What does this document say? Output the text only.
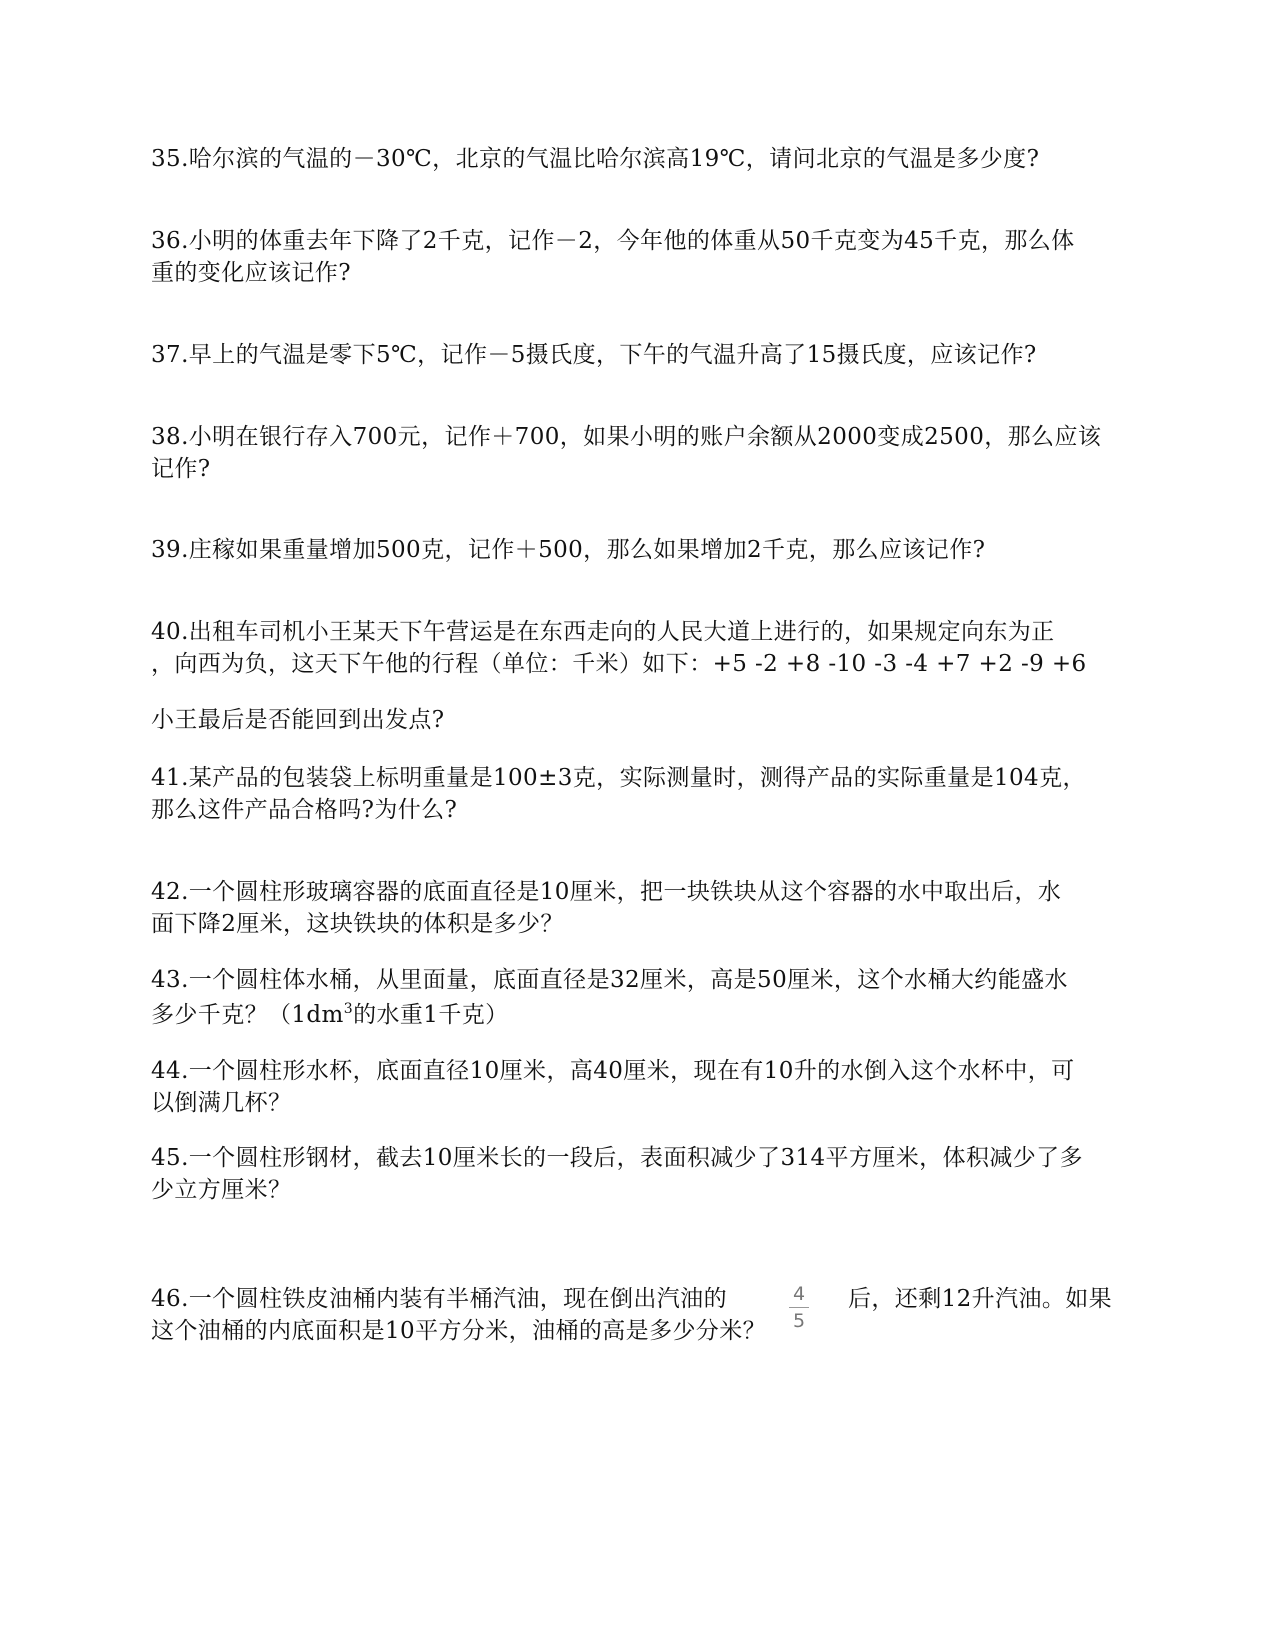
35.哈尔滨的气温的－30℃，北京的气温比哈尔滨高19℃，请问北京的气温是多少度?
36.小明的体重去年下降了2千克，记作－2，今年他的体重从50千克变为45千克，那么体
重的变化应该记作?
37.早上的气温是零下5℃，记作－5摄氏度，下午的气温升高了15摄氏度，应该记作?
38.小明在银行存入700元，记作＋700，如果小明的账户余额从2000变成2500，那么应该
记作?
39.庄稼如果重量增加500克，记作＋500，那么如果增加2千克，那么应该记作?
40.出租车司机小王某天下午营运是在东西走向的人民大道上进行的，如果规定向东为正
，向西为负，这天下午他的行程（单位：千米）如下：+5 -2 +8 -10 -3 -4 +7 +2 -9 +6
小王最后是否能回到出发点?
41.某产品的包装袋上标明重量是100±3克，实际测量时，测得产品的实际重量是104克，
那么这件产品合格吗?为什么?
42.一个圆柱形玻璃容器的底面直径是10厘米，把一块铁块从这个容器的水中取出后，水
面下降2厘米，这块铁块的体积是多少？
43.一个圆柱体水桶，从里面量，底面直径是32厘米，高是50厘米，这个水桶大约能盛水
多少千克？（$1dm^3$的水重1千克）
44.一个圆柱形水杯，底面直径10厘米，高40厘米，现在有10升的水倒入这个水杯中，可
以倒满几杯？
45.一个圆柱形钢材，截去10厘米长的一段后，表面积减少了314平方厘米，体积减少了多
少立方厘米？
46.一个圆柱铁皮油桶内装有半桶汽油，现在倒出汽油的	4
5
后，还剩12升汽油。如果
这个油桶的内底面积是10平方分米，油桶的高是多少分米？
